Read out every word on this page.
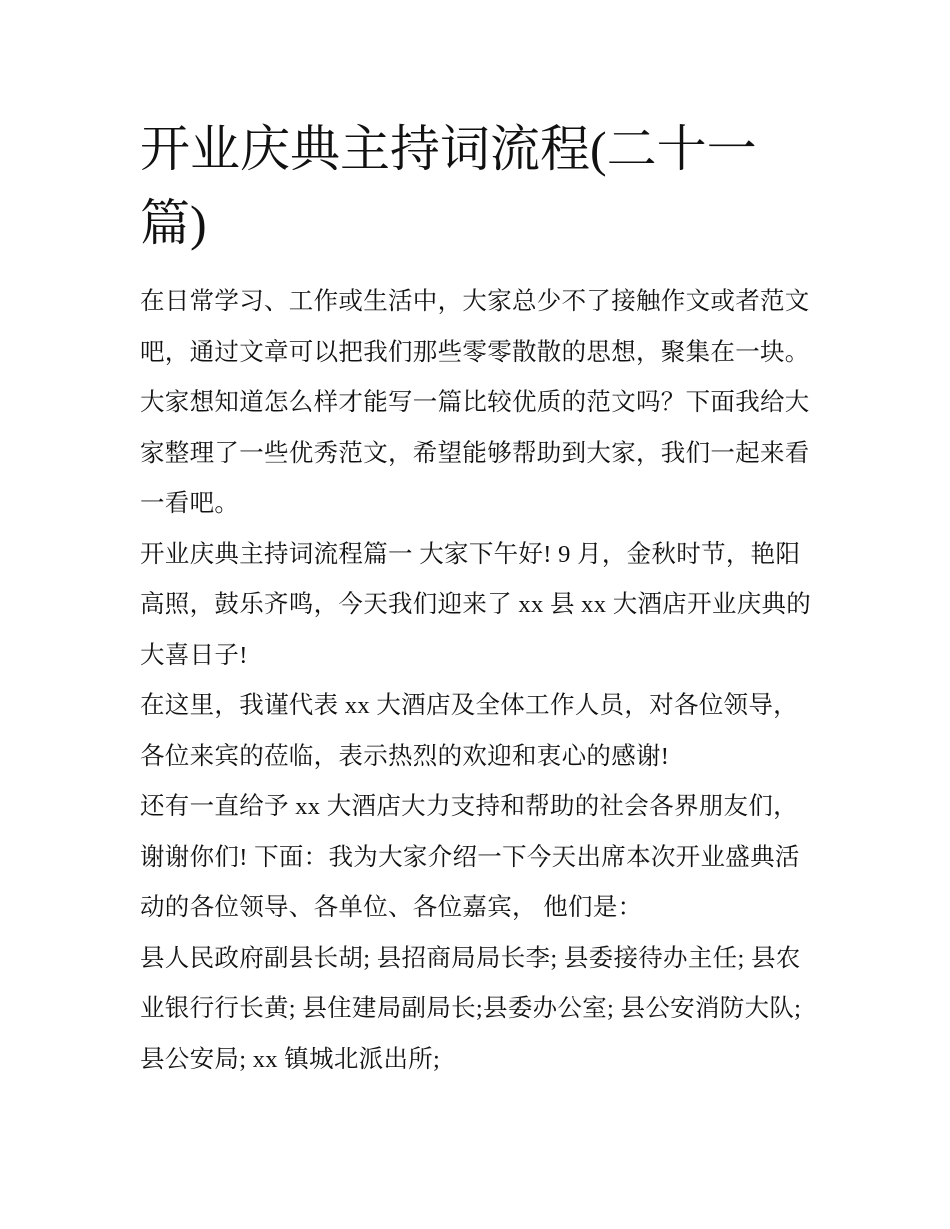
开业庆典主持词流程(二十一
篇)

在日常学习、工作或生活中，大家总少不了接触作文或者范文
吧，通过文章可以把我们那些零零散散的思想，聚集在一块。
大家想知道怎么样才能写一篇比较优质的范文吗？下面我给大
家整理了一些优秀范文，希望能够帮助到大家，我们一起来看
一看吧。

开业庆典主持词流程篇一 大家下午好! 9 月，金秋时节，艳阳
高照，鼓乐齐鸣，今天我们迎来了 xx 县 xx 大酒店开业庆典的
大喜日子!

在这里，我谨代表 xx 大酒店及全体工作人员，对各位领导，
各位来宾的莅临，表示热烈的欢迎和衷心的感谢!

还有一直给予 xx 大酒店大力支持和帮助的社会各界朋友们，
谢谢你们! 下面：我为大家介绍一下今天出席本次开业盛典活
动的各位领导、各单位、各位嘉宾， 他们是：

县人民政府副县长胡; 县招商局局长李; 县委接待办主任; 县农
业银行行长黄; 县住建局副局长;县委办公室; 县公安消防大队;
县公安局; xx 镇城北派出所;
